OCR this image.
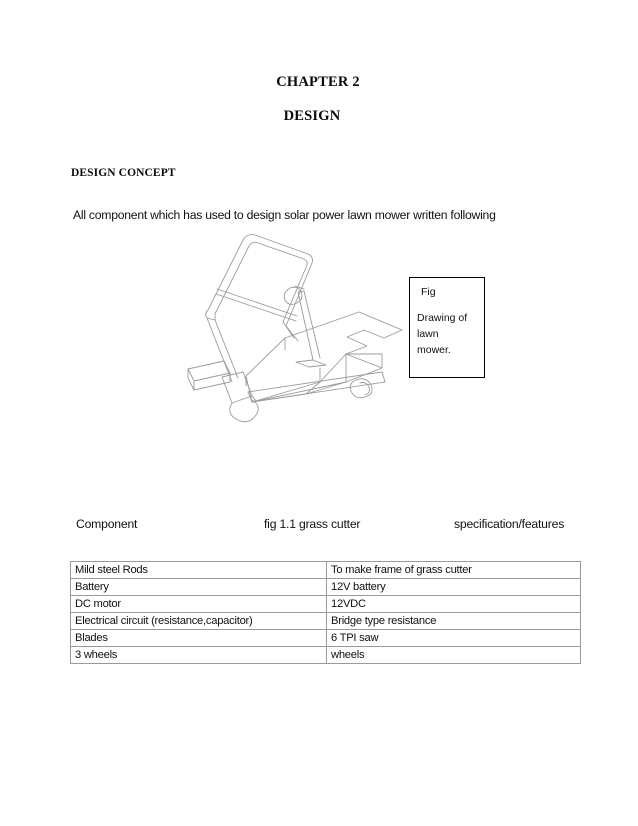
CHAPTER 2
DESIGN
DESIGN CONCEPT
All component which has used to design solar power lawn mower written following
Fig
Drawing of
lawn
mower.
Component	fig 1.1 grass cutter	specification/features
Mild steel Rods	To make frame of grass cutter
Battery	12V battery
DC motor	12VDC
Electrical circuit (resistance,capacitor)	Bridge type resistance
Blades	6 TPI saw
3 wheels	wheels
